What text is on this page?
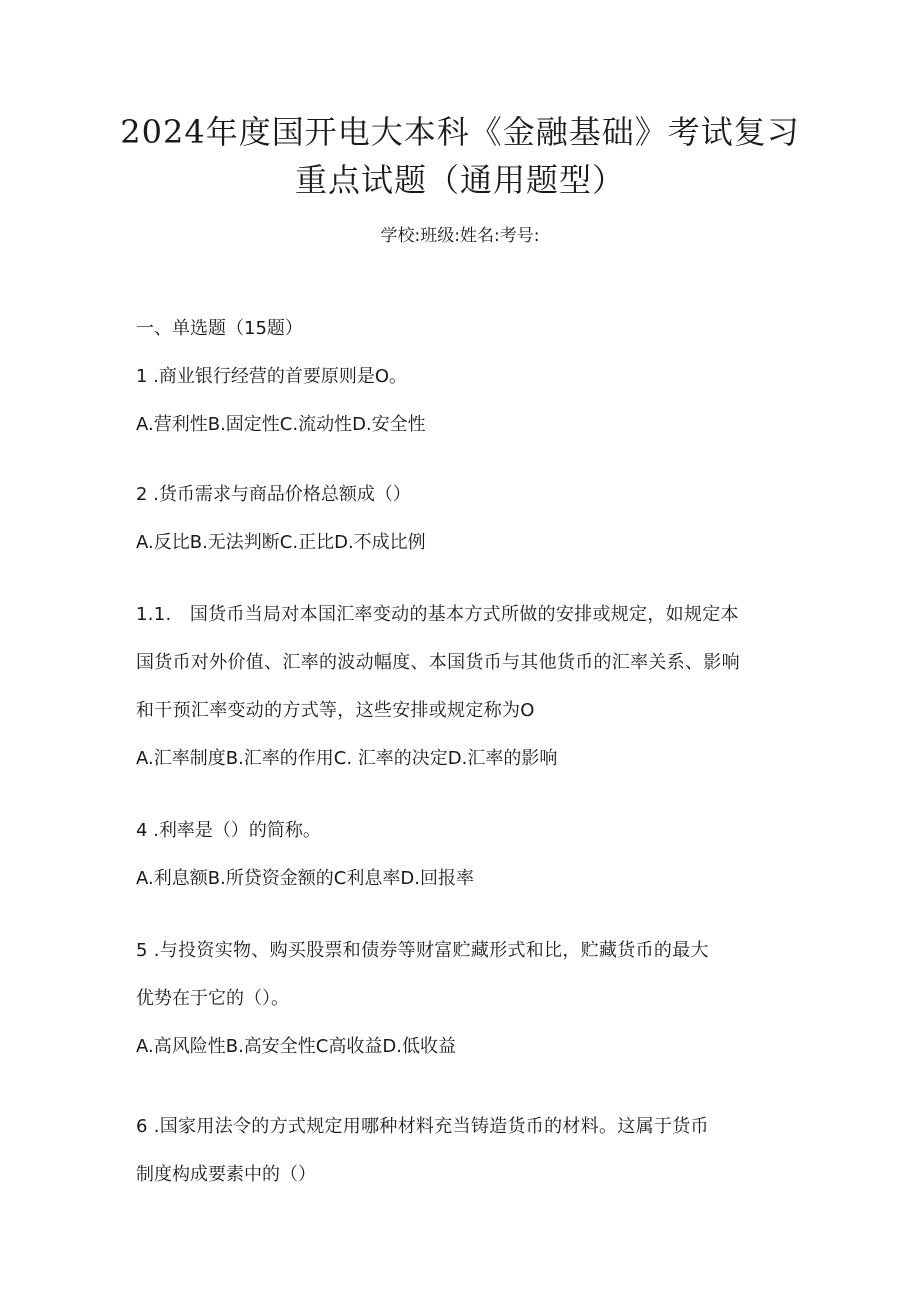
2024年度国开电大本科《金融基础》考试复习
重点试题（通用题型）
学校:班级:姓名:考号:
一、单选题（15题）
1 .商业银行经营的首要原则是O。
A.营利性B.固定性C.流动性D.安全性
2 .货币需求与商品价格总额成（）
A.反比B.无法判断C.正比D.不成比例
1.1.　国货币当局对本国汇率变动的基本方式所做的安排或规定，如规定本
国货币对外价值、汇率的波动幅度、本国货币与其他货币的汇率关系、影响
和干预汇率变动的方式等，这些安排或规定称为O
A.汇率制度B.汇率的作用C. 汇率的决定D.汇率的影响
4 .利率是（）的简称。
A.利息额B.所贷资金额的C利息率D.回报率
5 .与投资实物、购买股票和债券等财富贮藏形式和比，贮藏货币的最大
优势在于它的（）。
A.高风险性B.高安全性C高收益D.低收益
6 .国家用法令的方式规定用哪种材料充当铸造货币的材料。这属于货币
制度构成要素中的（）
